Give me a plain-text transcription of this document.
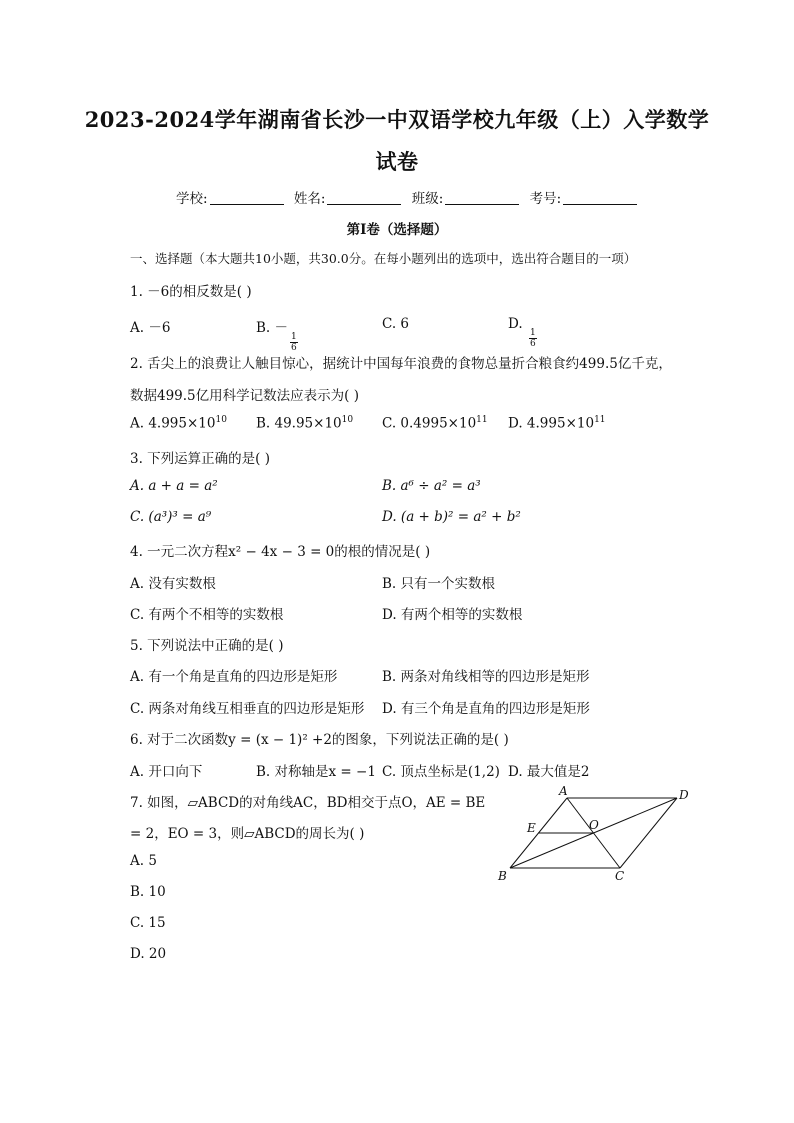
2023-2024学年湖南省长沙一中双语学校九年级（上）入学数学
试卷
学校:	姓名:	班级:	考号:
第I卷（选择题）
一、选择题（本大题共10小题，共30.0分。在每小题列出的选项中，选出符合题目的一项）
1. －6的相反数是( )
A. －6	B. －
$\frac{1}{6}$
C. 6	D.
$\frac{1}{6}$
2. 舌尖上的浪费让人触目惊心，据统计中国每年浪费的食物总量折合粮食约499.5亿千克，
数据499.5亿用科学记数法应表示为( )
A. $4.995\times 10^{10}$ B. $49.95\times 10^{10}$ C. $0.4995\times 10^{11}$ D. $4.995\times 10^{11}$
3. 下列运算正确的是( )
A. a + a = a²	B. a⁶ ÷ a² = a³
C. (a³)³ = a⁹	D. (a + b)² = a² + b²
4. 一元二次方程x² − 4x − 3 = 0的根的情况是( )
A. 没有实数根	B. 只有一个实数根
C. 有两个不相等的实数根	D. 有两个相等的实数根
5. 下列说法中正确的是( )
A. 有一个角是直角的四边形是矩形	B. 两条对角线相等的四边形是矩形
C. 两条对角线互相垂直的四边形是矩形 D. 有三个角是直角的四边形是矩形
6. 对于二次函数y = (x − 1)² +2的图象，下列说法正确的是( )
A. 开口向下	B. 对称轴是x = −1 C. 顶点坐标是(1,2) D. 最大值是2
7. 如图，▱ABCD的对角线AC，BD相交于点O，AE = BE
= 2，EO = 3，则▱ABCD的周长为( )
A. 5
B. 10
C. 15
D. 20
A	D
E	O
B	C
